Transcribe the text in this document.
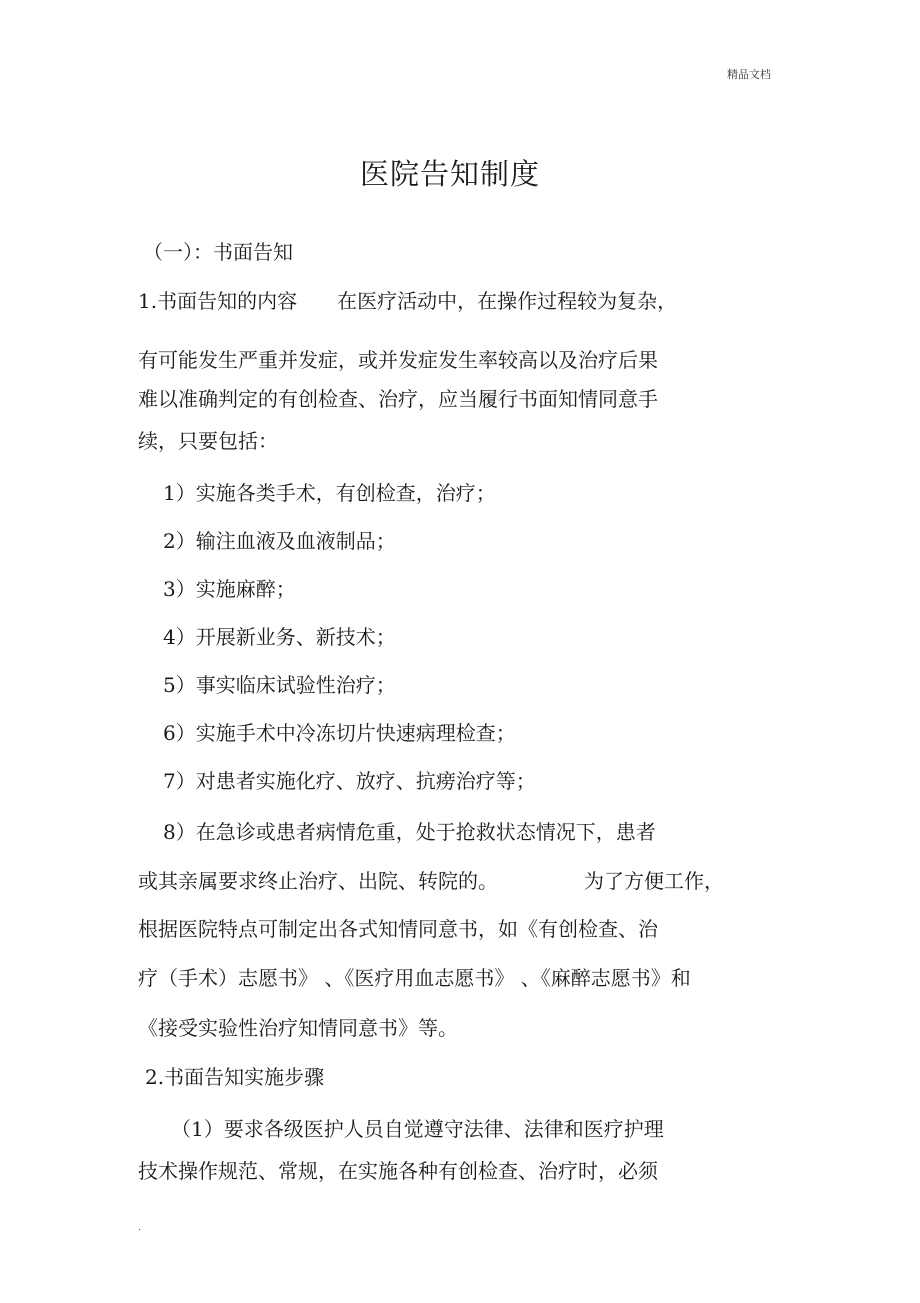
精品文档
医院告知制度
（一）：书面告知
1.书面告知的内容 在医疗活动中，在操作过程较为复杂，
有可能发生严重并发症，或并发症发生率较高以及治疗后果
难以准确判定的有创检查、治疗，应当履行书面知情同意手
续，只要包括：
1）实施各类手术，有创检查，治疗；
2）输注血液及血液制品；
3）实施麻醉；
4）开展新业务、新技术；
5）事实临床试验性治疗；
6）实施手术中冷冻切片快速病理检查；
7）对患者实施化疗、放疗、抗痨治疗等；
8）在急诊或患者病情危重，处于抢救状态情况下，患者
或其亲属要求终止治疗、出院、转院的。	为了方便工作，
根据医院特点可制定出各式知情同意书，如《有创检查、治
疗（手术）志愿书》 、《医疗用血志愿书》 、《麻醉志愿书》和
《接受实验性治疗知情同意书》等。
2.书面告知实施步骤
（1）要求各级医护人员自觉遵守法律、法律和医疗护理
技术操作规范、常规，在实施各种有创检查、治疗时，必须
.
